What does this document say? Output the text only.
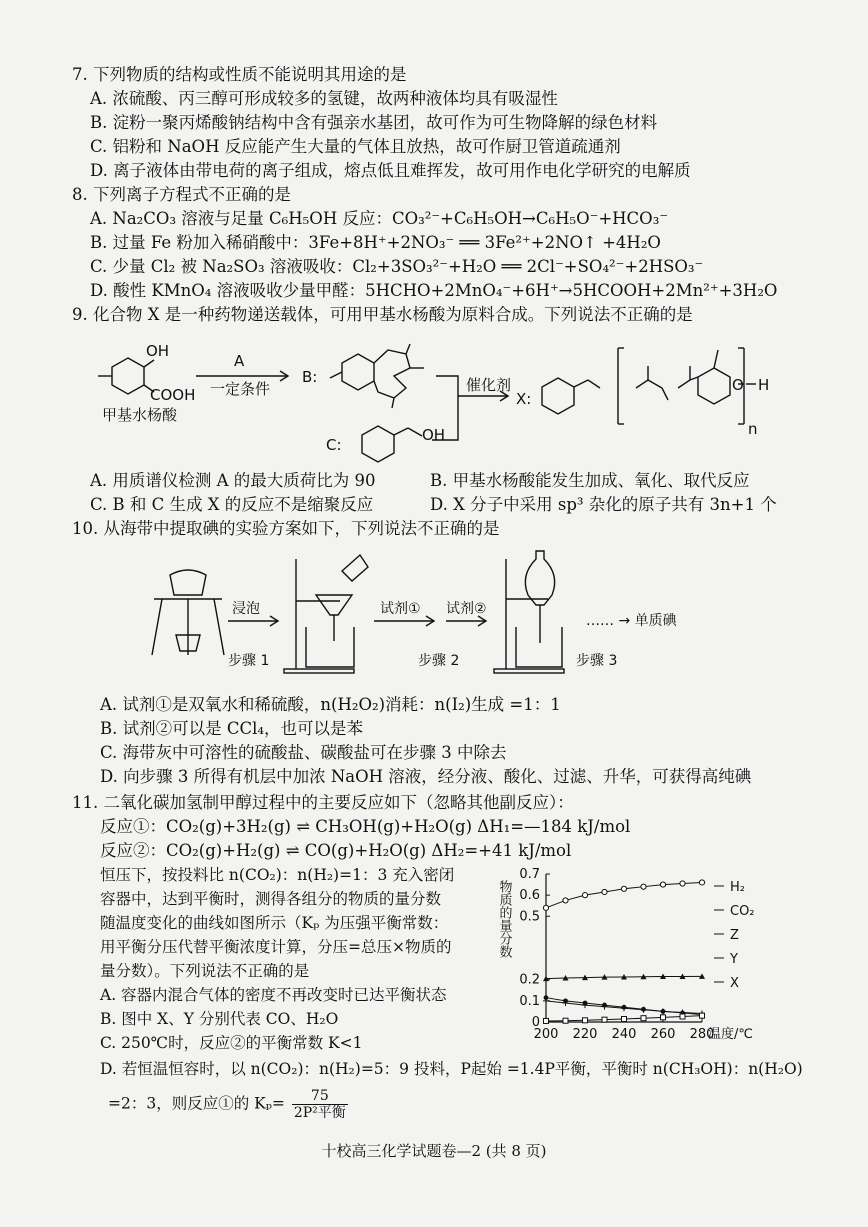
7. 下列物质的结构或性质不能说明其用途的是
A. 浓硫酸、丙三醇可形成较多的氢键，故两种液体均具有吸湿性
B. 淀粉一聚丙烯酸钠结构中含有强亲水基团，故可作为可生物降解的绿色材料
C. 铝粉和 NaOH 反应能产生大量的气体且放热，故可作厨卫管道疏通剂
D. 离子液体由带电荷的离子组成，熔点低且难挥发，故可用作电化学研究的电解质
8. 下列离子方程式不正确的是
A. Na₂CO₃ 溶液与足量 C₆H₅OH 反应：CO₃²⁻+C₆H₅OH→C₆H₅O⁻+HCO₃⁻
B. 过量 Fe 粉加入稀硝酸中：3Fe+8H⁺+2NO₃⁻ ══ 3Fe²⁺+2NO↑ +4H₂O
C. 少量 Cl₂ 被 Na₂SO₃ 溶液吸收：Cl₂+3SO₃²⁻+H₂O ══ 2Cl⁻+SO₄²⁻+2HSO₃⁻
D. 酸性 KMnO₄ 溶液吸收少量甲醛：5HCHO+2MnO₄⁻+6H⁺→5HCOOH+2Mn²⁺+3H₂O
9. 化合物 X 是一种药物递送载体，可用甲基水杨酸为原料合成。下列说法不正确的是
OH
COOH
甲基水杨酸
A
一定条件
B:
C:
OH
催化剂
X:
O H
n
A. 用质谱仪检测 A 的最大质荷比为 90	B. 甲基水杨酸能发生加成、氧化、取代反应
C. B 和 C 生成 X 的反应不是缩聚反应	D. X 分子中采用 sp³ 杂化的原子共有 3n+1 个
10. 从海带中提取碘的实验方案如下，下列说法不正确的是
浸泡
步骤 1
试剂① 试剂②
步骤 2	步骤 3
…… → 单质碘
A. 试剂①是双氧水和稀硫酸，n(H₂O₂)消耗：n(I₂)生成 =1：1
B. 试剂②可以是 CCl₄，也可以是苯
C. 海带灰中可溶性的硫酸盐、碳酸盐可在步骤 3 中除去
D. 向步骤 3 所得有机层中加浓 NaOH 溶液，经分液、酸化、过滤、升华，可获得高纯碘
11. 二氧化碳加氢制甲醇过程中的主要反应如下（忽略其他副反应）：
反应①：CO₂(g)+3H₂(g) ⇌ CH₃OH(g)+H₂O(g) ΔH₁=—184 kJ/mol
反应②：CO₂(g)+H₂(g) ⇌ CO(g)+H₂O(g) ΔH₂=+41 kJ/mol
恒压下，按投料比 n(CO₂)：n(H₂)=1：3 充入密闭
容器中，达到平衡时，测得各组分的物质的量分数
随温度变化的曲线如图所示（Kₚ 为压强平衡常数：
用平衡分压代替平衡浓度计算，分压=总压×物质的
量分数）。下列说法不正确的是
A. 容器内混合气体的密度不再改变时已达平衡状态
B. 图中 X、Y 分别代表 CO、H₂O
C. 250℃时，反应②的平衡常数 K<1
D. 若恒温恒容时，以 n(CO₂)：n(H₂)=5：9 投料，P起始 =1.4P平衡，平衡时 n(CH₃OH)：n(H₂O)
=2：3，则反应①的 Kₚ=	75
2P²平衡
200 220 240 260 280
0
0.1
0.2
0.5
0.6
0.7
温度/℃
物质的量分数	H₂
CO₂
Z
Y
X
十校高三化学试题卷—2 (共 8 页)
